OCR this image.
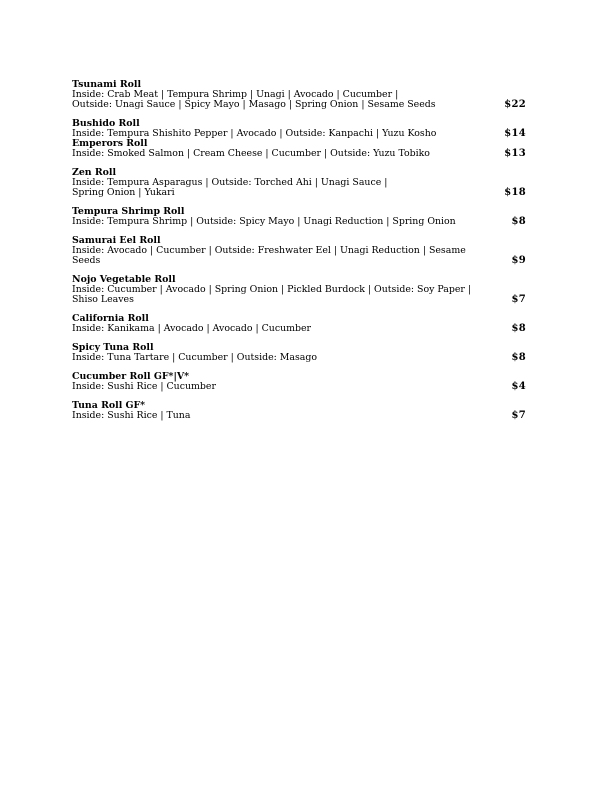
Tsunami Roll
Inside: Crab Meat | Tempura Shrimp | Unagi | Avocado | Cucumber |
Outside: Unagi Sauce | Spicy Mayo | Masago | Spring Onion | Sesame Seeds	$22
Bushido Roll
Inside: Tempura Shishito Pepper | Avocado | Outside: Kanpachi | Yuzu Kosho	$14
Emperors Roll
Inside: Smoked Salmon | Cream Cheese | Cucumber | Outside: Yuzu Tobiko	$13
Zen Roll
Inside: Tempura Asparagus | Outside: Torched Ahi | Unagi Sauce |
Spring Onion | Yukari	$18
Tempura Shrimp Roll
Inside: Tempura Shrimp | Outside: Spicy Mayo | Unagi Reduction | Spring Onion	$8
Samurai Eel Roll
Inside: Avocado | Cucumber | Outside: Freshwater Eel | Unagi Reduction | Sesame Seeds	$9
Nojo Vegetable Roll
Inside: Cucumber | Avocado | Spring Onion | Pickled Burdock | Outside: Soy Paper |
Shiso Leaves	$7
California Roll
Inside: Kanikama | Avocado | Avocado | Cucumber	$8
Spicy Tuna Roll
Inside: Tuna Tartare | Cucumber | Outside: Masago	$8
Cucumber Roll GF*|V*
Inside: Sushi Rice | Cucumber	$4
Tuna Roll GF*
Inside: Sushi Rice | Tuna	$7
